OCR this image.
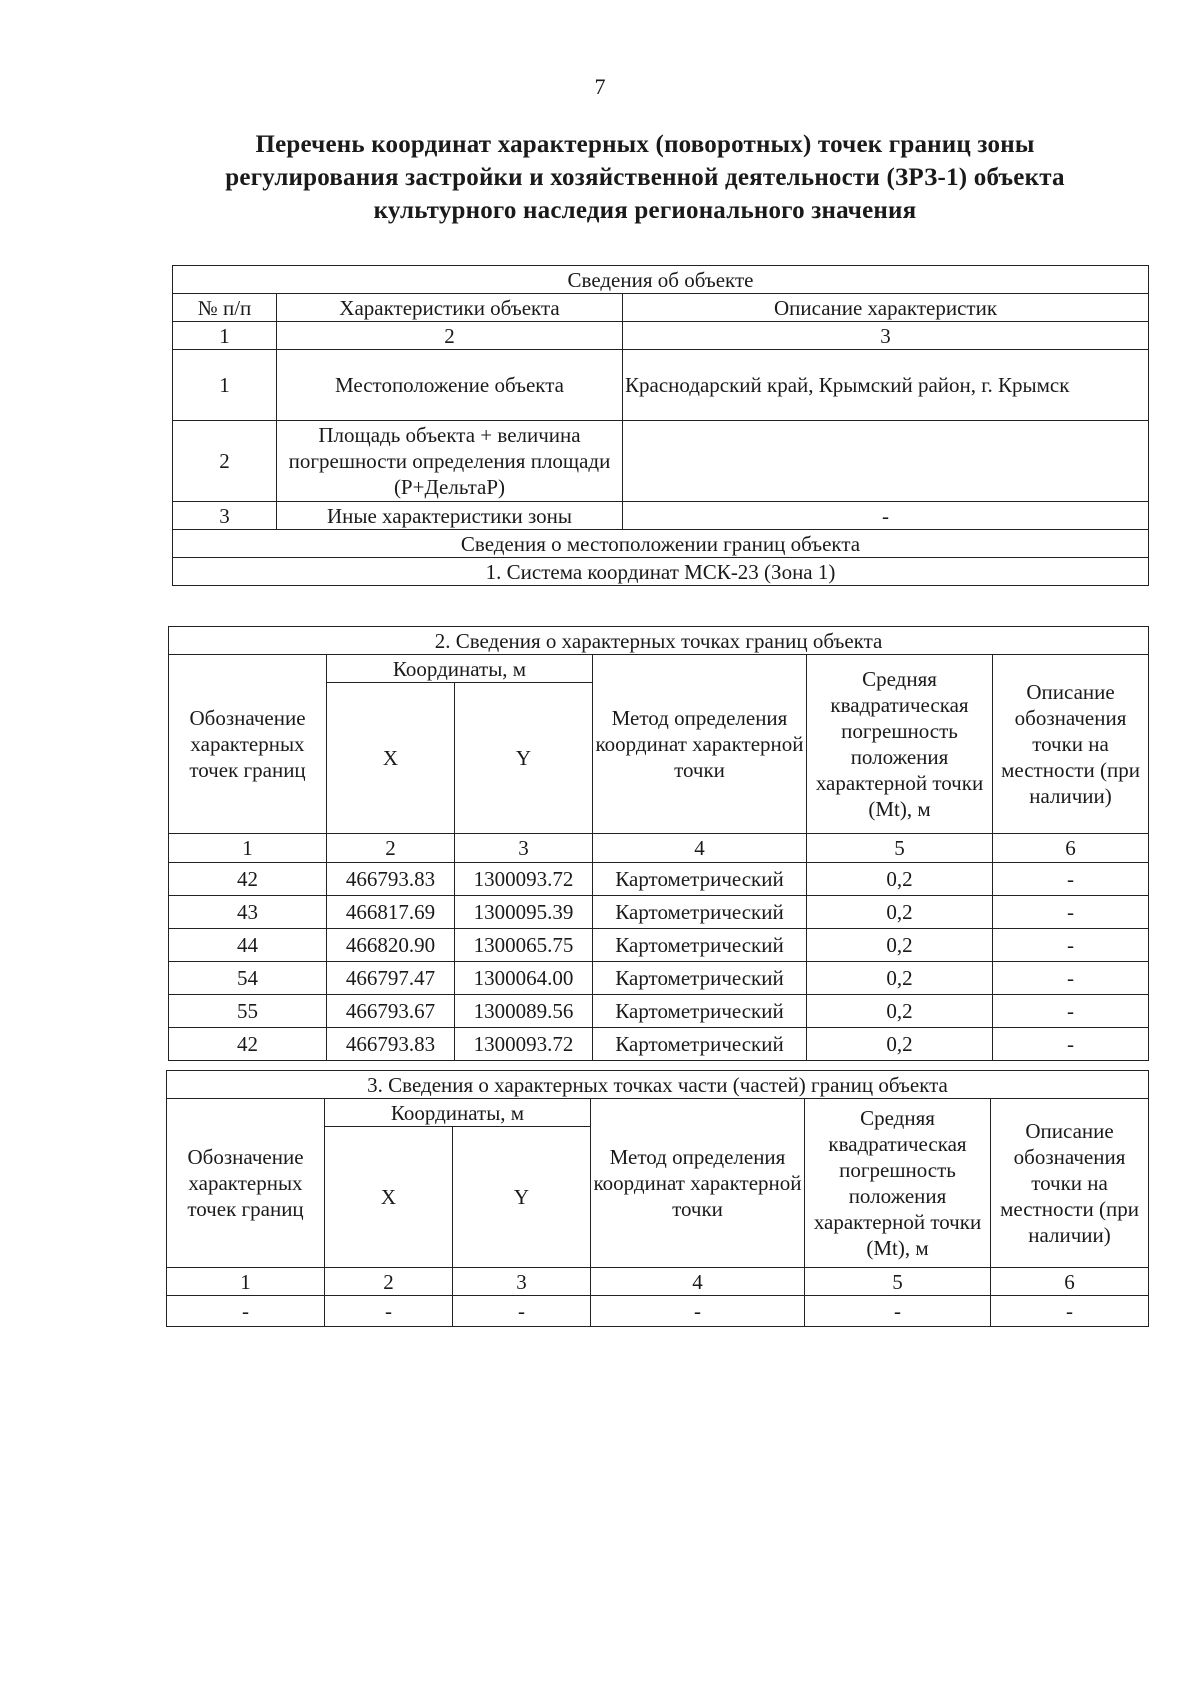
7
Перечень координат характерных (поворотных) точек границ зоны регулирования застройки и хозяйственной деятельности (ЗРЗ-1) объекта культурного наследия регионального значения
Сведения об объекте		
№ п/п	Характеристики объекта	Описание характеристик
1	2	3
1	Местоположение объекта	Краснодарский край, Крымский район, г. Крымск
2	Площадь объекта + величина погрешности определения площади (P+ДельтаP)	
3	Иные характеристики зоны	-
Сведения о местоположении границ объекта		
1. Система координат МСК-23 (Зона 1)		
2. Сведения о характерных точках границ объекта					
Обозначение характерных точек границ	Координаты, м		Метод определения координат характерной точки	Средняя квадратическая погрешность положения характерной точки (Mt), м	Описание обозначения точки на местности (при наличии)
	X	Y			
1	2	3	4	5	6
42	466793.83	1300093.72	Картометрический	0,2	-
43	466817.69	1300095.39	Картометрический	0,2	-
44	466820.90	1300065.75	Картометрический	0,2	-
54	466797.47	1300064.00	Картометрический	0,2	-
55	466793.67	1300089.56	Картометрический	0,2	-
42	466793.83	1300093.72	Картометрический	0,2	-
3. Сведения о характерных точках части (частей) границ объекта					
Обозначение характерных точек границ	Координаты, м		Метод определения координат характерной точки	Средняя квадратическая погрешность положения характерной точки (Mt), м	Описание обозначения точки на местности (при наличии)
	X	Y			
1	2	3	4	5	6
-	-	-	-	-	-
